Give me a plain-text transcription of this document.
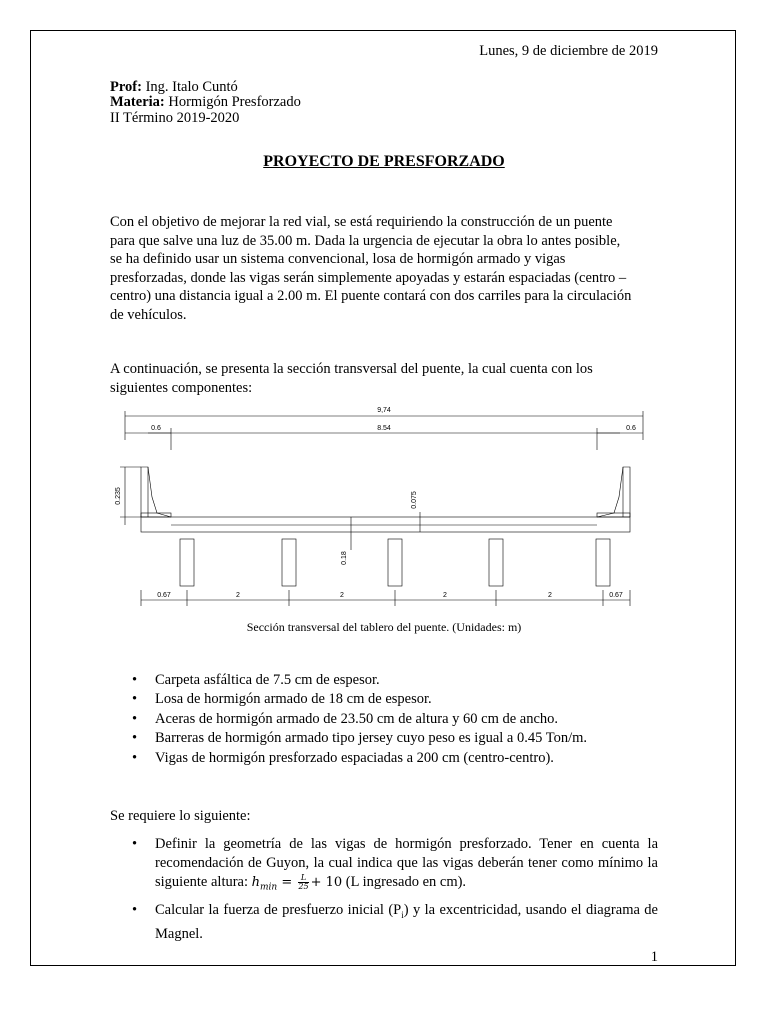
Lunes, 9 de diciembre de 2019
Prof: Ing. Italo Cuntó
Materia: Hormigón Presforzado
II Término 2019-2020
PROYECTO DE PRESFORZADO
Con el objetivo de mejorar la red vial, se está requiriendo la construcción de un puente
para que salve una luz de 35.00 m. Dada la urgencia de ejecutar la obra lo antes posible,
se ha definido usar un sistema convencional, losa de hormigón armado y vigas
presforzadas, donde las vigas serán simplemente apoyadas y estarán espaciadas (centro –
centro) una distancia igual a 2.00 m. El puente contará con dos carriles para la circulación
de vehículos.
A continuación, se presenta la sección transversal del puente, la cual cuenta con los
siguientes componentes:
9,74
0.6	8.54	0.6
0.235	0.075
0.18
0.67	2	2	2	2	0.67
Sección transversal del tablero del puente. (Unidades: m)
• Carpeta asfáltica de 7.5 cm de espesor.
• Losa de hormigón armado de 18 cm de espesor.
• Aceras de hormigón armado de 23.50 cm de altura y 60 cm de ancho.
• Barreras de hormigón armado tipo jersey cuyo peso es igual a 0.45 Ton/m.
• Vigas de hormigón presforzado espaciadas a 200 cm (centro-centro).
Se requiere lo siguiente:
• Definir la geometría de las vigas de hormigón presforzado. Tener en cuenta la recomendación de Guyon, la cual indica que las vigas deberán tener como mínimo la siguiente altura: $h_{min} = \frac{L}{25} + 10$ (L ingresado en cm).
• Calcular la fuerza de presfuerzo inicial $(P_i)$ y la excentricidad, usando el diagrama de Magnel.
1
